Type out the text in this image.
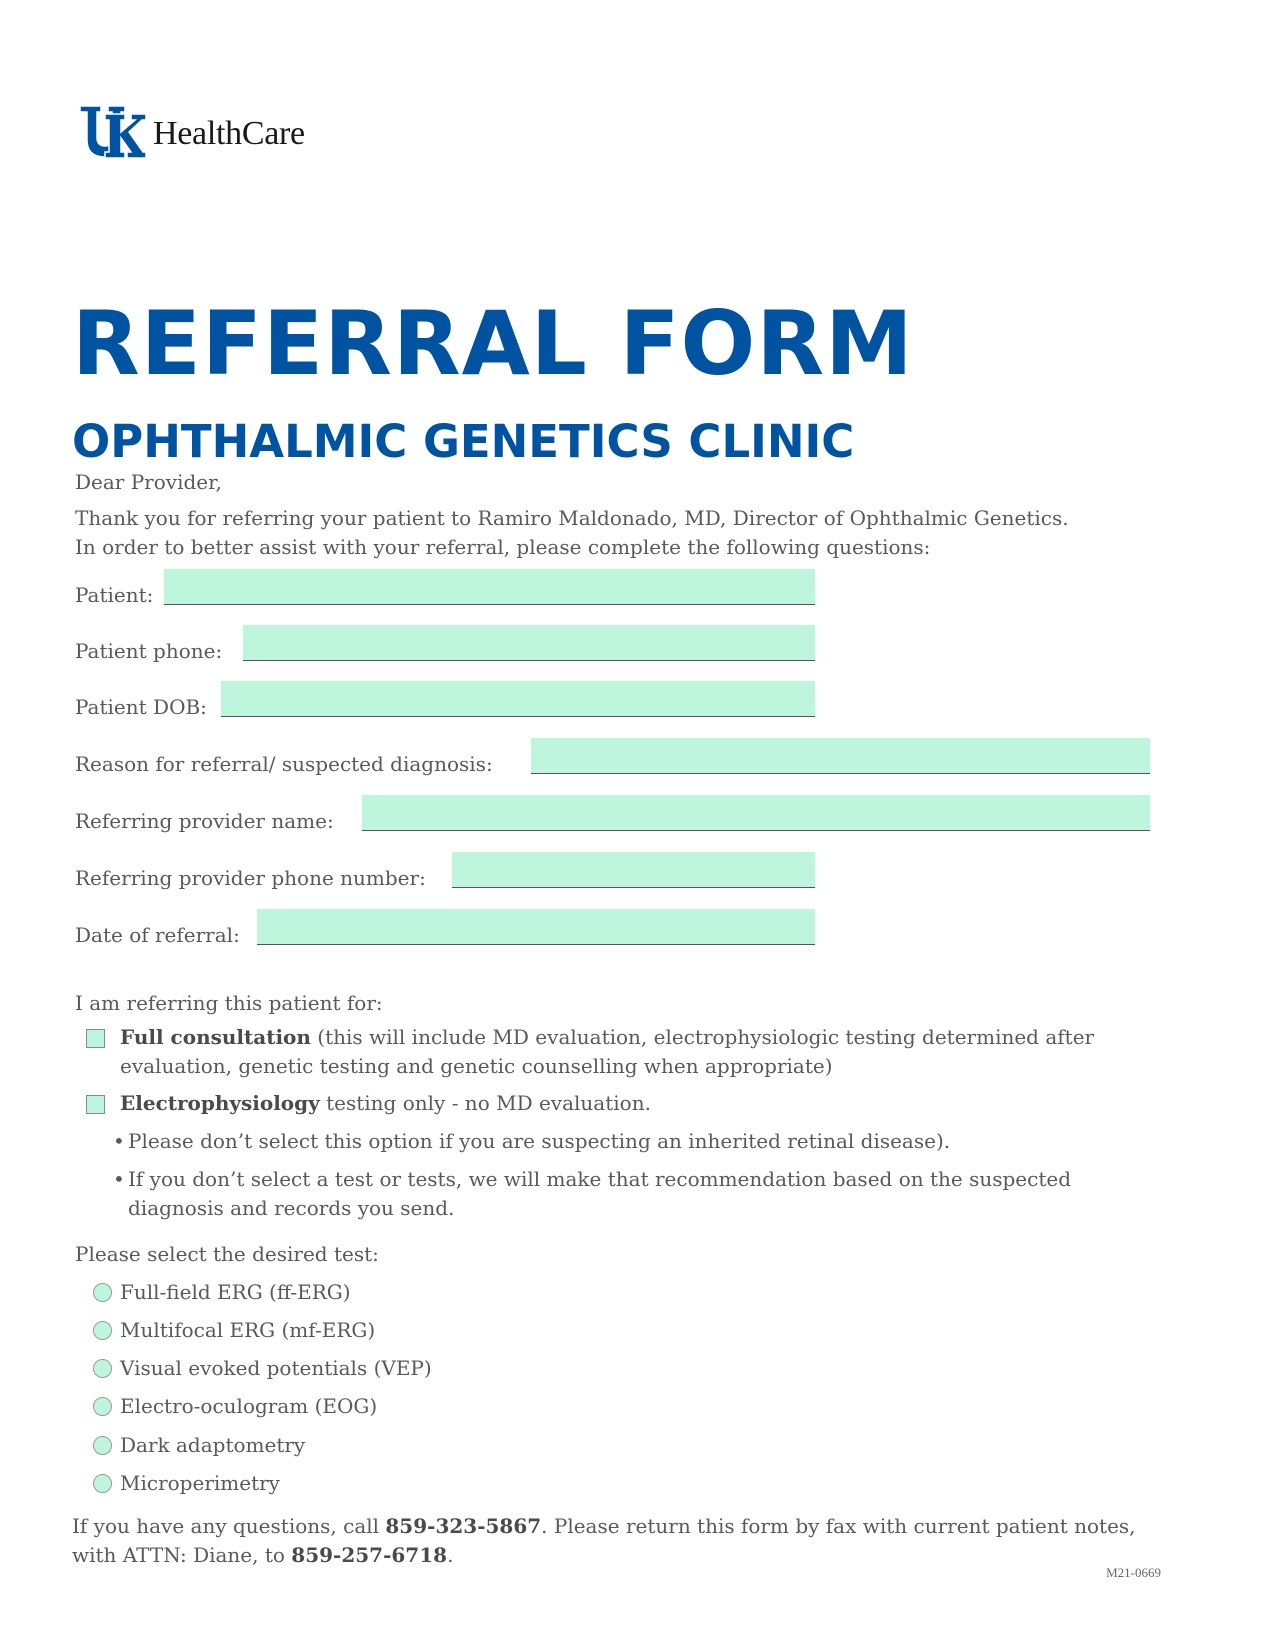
HealthCare
REFERRAL FORM
OPHTHALMIC GENETICS CLINIC

Dear Provider,

Thank you for referring your patient to Ramiro Maldonado, MD, Director of Ophthalmic Genetics.

In order to better assist with your referral, please complete the following questions:

Patient:
Patient phone:
Patient DOB:
Reason for referral/ suspected diagnosis:
Referring provider name:
Referring provider phone number:
Date of referral:

I am referring this patient for:

Full consultation (this will include MD evaluation, electrophysiologic testing determined after
evaluation, genetic testing and genetic counselling when appropriate)
Electrophysiology testing only - no MD evaluation.
• Please don’t select this option if you are suspecting an inherited retinal disease).
• If you don’t select a test or tests, we will make that recommendation based on the suspected
diagnosis and records you send.

Please select the desired test:

Full-field ERG (ff-ERG)
Multifocal ERG (mf-ERG)
Visual evoked potentials (VEP)
Electro-oculogram (EOG)
Dark adaptometry
Microperimetry

If you have any questions, call 859-323-5867. Please return this form by fax with current patient notes,

with ATTN: Diane, to 859-257-6718.

M21-0669
